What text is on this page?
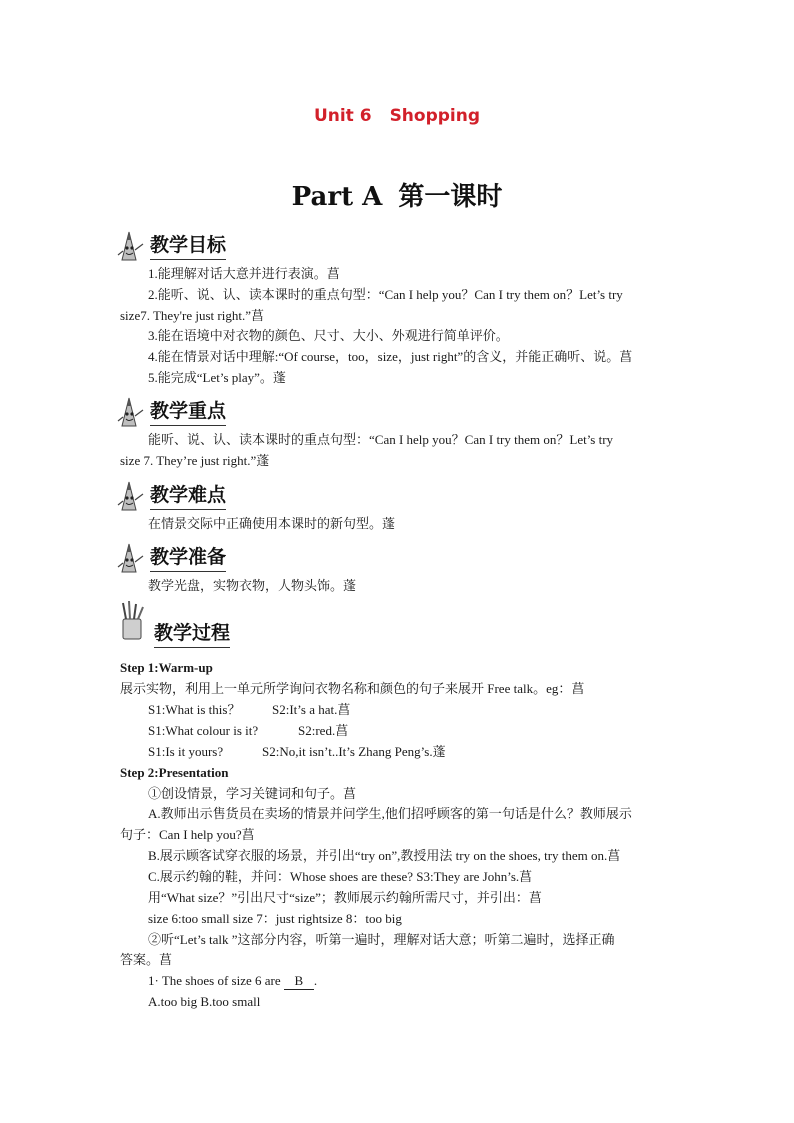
Unit 6 Shopping
Part A 第一课时
教学目标
1.能理解对话大意并进行表演。菖
2.能听、说、认、读本课时的重点句型：“Can I help you？Can I try them on？Let’s try
size7. They're just right.”菖
3.能在语境中对衣物的颜色、尺寸、大小、外观进行简单评价。
4.能在情景对话中理解:“Of course，too，size，just right”的含义，并能正确听、说。菖
5.能完成“Let’s play”。蓬
教学重点
能听、说、认、读本课时的重点句型：“Can I help you？Can I try them on？Let’s try
size 7. They’re just right.”蓬
教学难点
在情景交际中正确使用本课时的新句型。蓬
教学准备
教学光盘，实物衣物，人物头饰。蓬
教学过程
Step 1:Warm-up
展示实物，利用上一单元所学询问衣物名称和颜色的句子来展开 Free talk。eg：菖
S1:What is this？ S2:It’s a hat.菖
S1:What colour is it?	S2:red.菖
S1:Is it yours?	S2:No,it isn’t..It’s Zhang Peng’s.蓬
Step 2:Presentation
①创设情景，学习关键词和句子。菖
A.教师出示售货员在卖场的情景并问学生,他们招呼顾客的第一句话是什么？教师展示
句子：Can I help you?菖
B.展示顾客试穿衣服的场景，并引出“try on”,教授用法 try on the shoes, try them on.菖
C.展示约翰的鞋，并问：Whose shoes are these? S3:They are John’s.菖
用“What size？”引出尺寸“size”；教师展示约翰所需尺寸，并引出：菖
size 6:too small size 7：just rightsize 8：too big
②听“Let’s talk ”这部分内容，听第一遍时，理解对话大意；听第二遍时，选择正确
答案。菖
1· The shoes of size 6 are B .
A.too big B.too small
